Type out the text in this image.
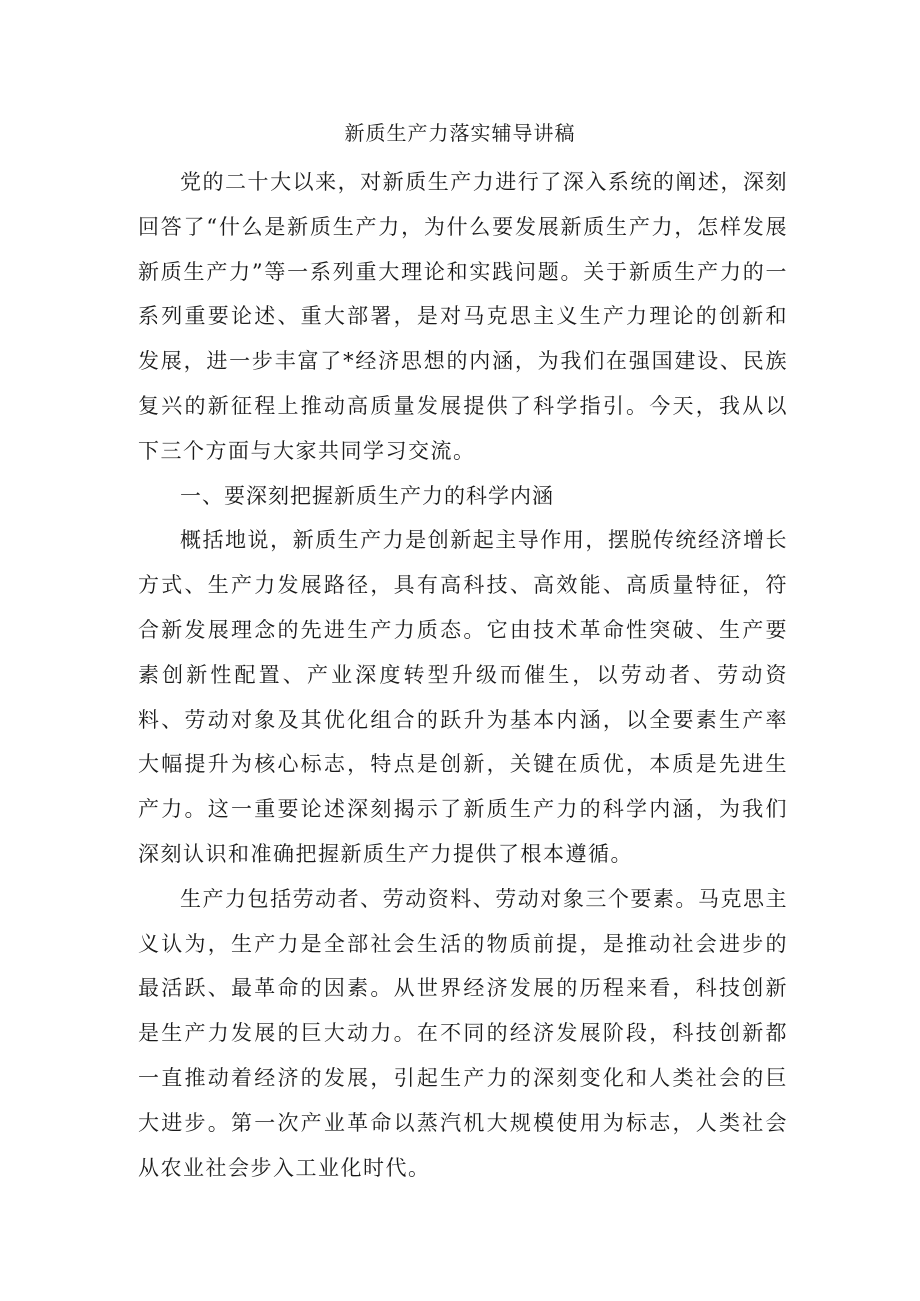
新质生产力落实辅导讲稿

党的二十大以来，对新质生产力进行了深入系统的阐述，深刻回答了“什么是新质生产力，为什么要发展新质生产力，怎样发展新质生产力”等一系列重大理论和实践问题。关于新质生产力的一系列重要论述、重大部署，是对马克思主义生产力理论的创新和发展，进一步丰富了*经济思想的内涵，为我们在强国建设、民族复兴的新征程上推动高质量发展提供了科学指引。今天，我从以下三个方面与大家共同学习交流。

一、要深刻把握新质生产力的科学内涵

概括地说，新质生产力是创新起主导作用，摆脱传统经济增长方式、生产力发展路径，具有高科技、高效能、高质量特征，符合新发展理念的先进生产力质态。它由技术革命性突破、生产要素创新性配置、产业深度转型升级而催生，以劳动者、劳动资料、劳动对象及其优化组合的跃升为基本内涵，以全要素生产率大幅提升为核心标志，特点是创新，关键在质优，本质是先进生产力。这一重要论述深刻揭示了新质生产力的科学内涵，为我们深刻认识和准确把握新质生产力提供了根本遵循。

生产力包括劳动者、劳动资料、劳动对象三个要素。马克思主义认为，生产力是全部社会生活的物质前提，是推动社会进步的最活跃、最革命的因素。从世界经济发展的历程来看，科技创新是生产力发展的巨大动力。在不同的经济发展阶段，科技创新都一直推动着经济的发展，引起生产力的深刻变化和人类社会的巨大进步。第一次产业革命以蒸汽机大规模使用为标志，人类社会从农业社会步入工业化时代。
